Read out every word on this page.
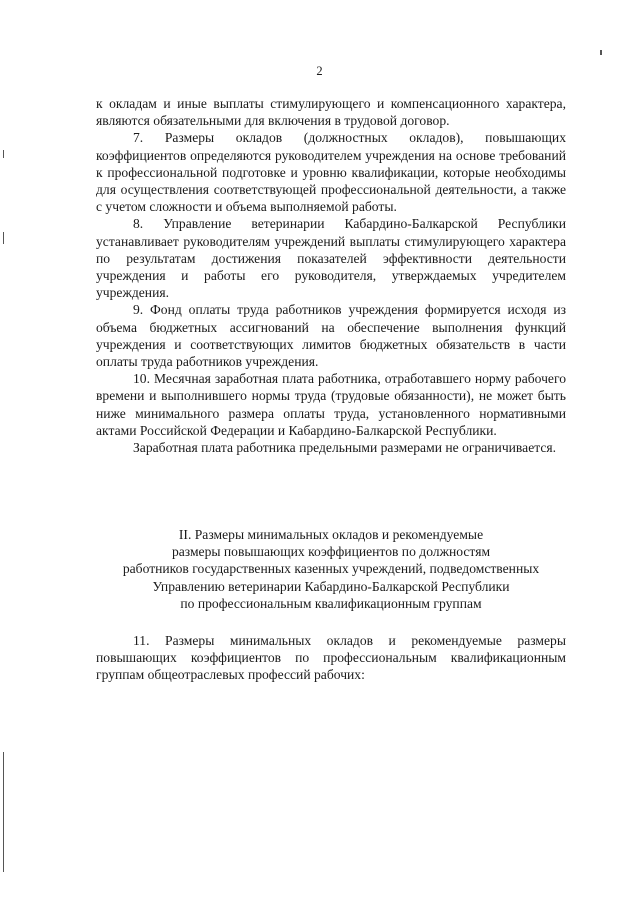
2

к окладам и иные выплаты стимулирующего и компенсационного характера, являются обязательными для включения в трудовой договор.

7. Размеры окладов (должностных окладов), повышающих коэффициентов определяются руководителем учреждения на основе требований к профессиональной подготовке и уровню квалификации, которые необходимы для осуществления соответствующей профессиональной деятельности, а также с учетом сложности и объема выполняемой работы.

8. Управление ветеринарии Кабардино-Балкарской Республики устанавливает руководителям учреждений выплаты стимулирующего характера по результатам достижения показателей эффективности деятельности учреждения и работы его руководителя, утверждаемых учредителем учреждения.

9. Фонд оплаты труда работников учреждения формируется исходя из объема бюджетных ассигнований на обеспечение выполнения функций учреждения и соответствующих лимитов бюджетных обязательств в части оплаты труда работников учреждения.

10. Месячная заработная плата работника, отработавшего норму рабочего времени и выполнившего нормы труда (трудовые обязанности), не может быть ниже минимального размера оплаты труда, установленного нормативными актами Российской Федерации и Кабардино-Балкарской Республики.

Заработная плата работника предельными размерами не ограничивается.

II. Размеры минимальных окладов и рекомендуемые
размеры повышающих коэффициентов по должностям
работников государственных казенных учреждений, подведомственных
Управлению ветеринарии Кабардино-Балкарской Республики
по профессиональным квалификационным группам

11. Размеры минимальных окладов и рекомендуемые размеры повышающих коэффициентов по профессиональным квалификационным группам общеотраслевых профессий рабочих:
